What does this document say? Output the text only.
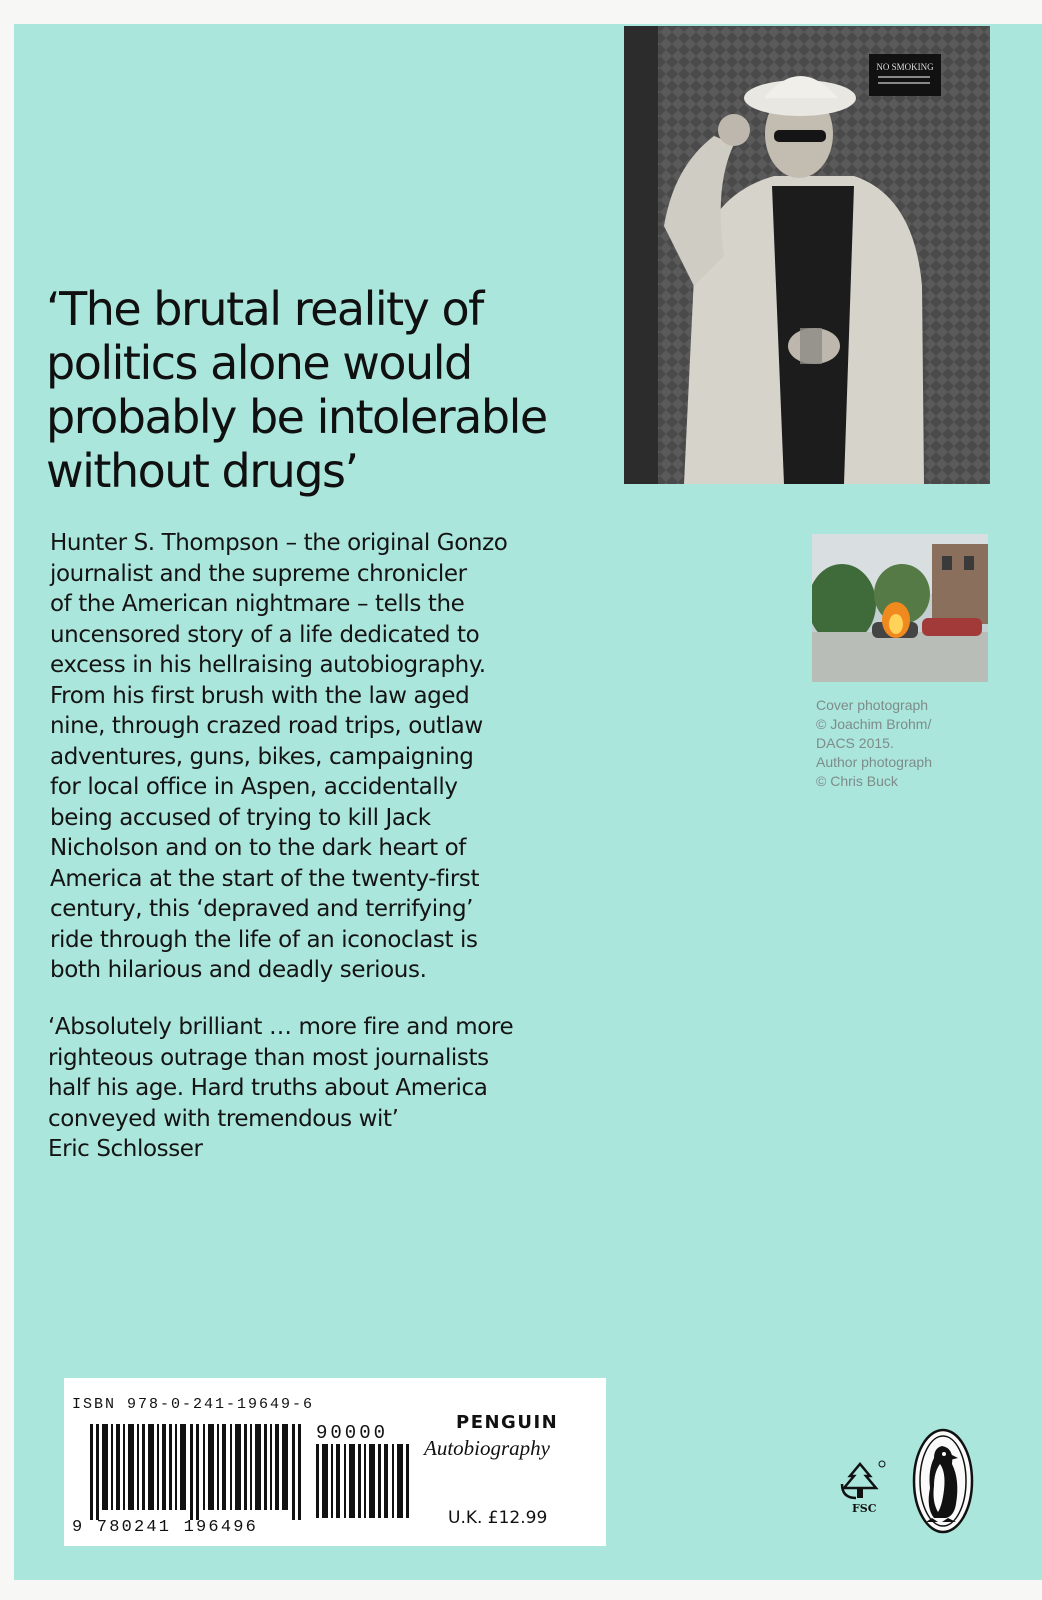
NO SMOKING
Cover photograph
© Joachim Brohm/
DACS 2015.
Author photograph
© Chris Buck
‘The brutal reality of
politics alone would
probably be intolerable
without drugs’
Hunter S. Thompson – the original Gonzo
journalist and the supreme chronicler
of the American nightmare – tells the
uncensored story of a life dedicated to
excess in his hellraising autobiography.
From his first brush with the law aged
nine, through crazed road trips, outlaw
adventures, guns, bikes, campaigning
for local office in Aspen, accidentally
being accused of trying to kill Jack
Nicholson and on to the dark heart of
America at the start of the twenty-first
century, this ‘depraved and terrifying’
ride through the life of an iconoclast is
both hilarious and deadly serious.
‘Absolutely brilliant … more fire and more
righteous outrage than most journalists
half his age. Hard truths about America
conveyed with tremendous wit’
Eric Schlosser
ISBN 978-0-241-19649-6
90000
9 780241 196496
PENGUIN
Autobiography
U.K. £12.99	FSC
